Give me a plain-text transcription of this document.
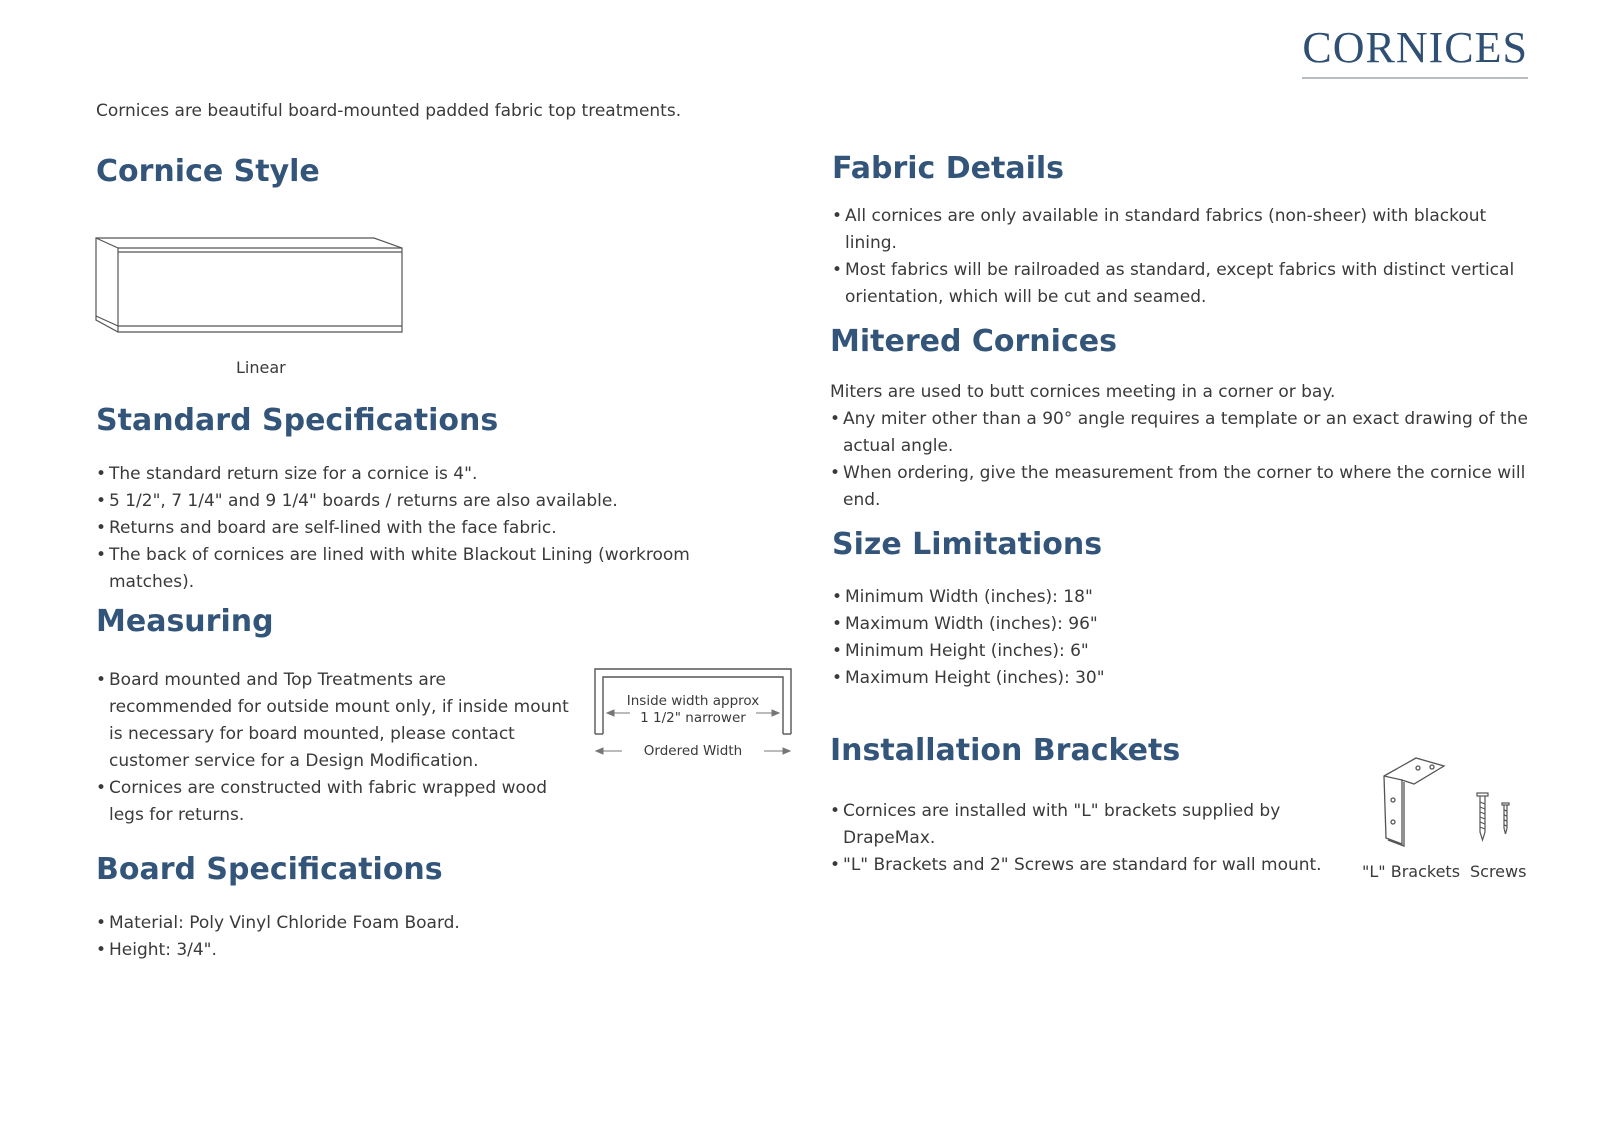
CORNICES
Cornices are beautiful board-mounted padded fabric top treatments.
Cornice Style
Linear
Standard Specifications
• The standard return size for a cornice is 4".
• 5 1/2", 7 1/4" and 9 1/4" boards / returns are also available.
• Returns and board are self-lined with the face fabric.
• The back of cornices are lined with white Blackout Lining (workroom matches).
Measuring
• Board mounted and Top Treatments are recommended for outside mount only, if inside mount is necessary for board mounted, please contact customer service for a Design Modification.
• Cornices are constructed with fabric wrapped wood legs for returns.
Inside width approx
1 1/2" narrower
Ordered Width
Board Specifications
• Material: Poly Vinyl Chloride Foam Board.
• Height: 3/4".
Fabric Details
• All cornices are only available in standard fabrics (non-sheer) with blackout lining.
• Most fabrics will be railroaded as standard, except fabrics with distinct vertical orientation, which will be cut and seamed.
Mitered Cornices
Miters are used to butt cornices meeting in a corner or bay.
• Any miter other than a 90° angle requires a template or an exact drawing of the actual angle.
• When ordering, give the measurement from the corner to where the cornice will end.
Size Limitations
• Minimum Width (inches): 18"
• Maximum Width (inches): 96"
• Minimum Height (inches): 6"
• Maximum Height (inches): 30"
Installation Brackets
• Cornices are installed with "L" brackets supplied by DrapeMax.
• "L" Brackets and 2" Screws are standard for wall mount.	"L" Brackets Screws
